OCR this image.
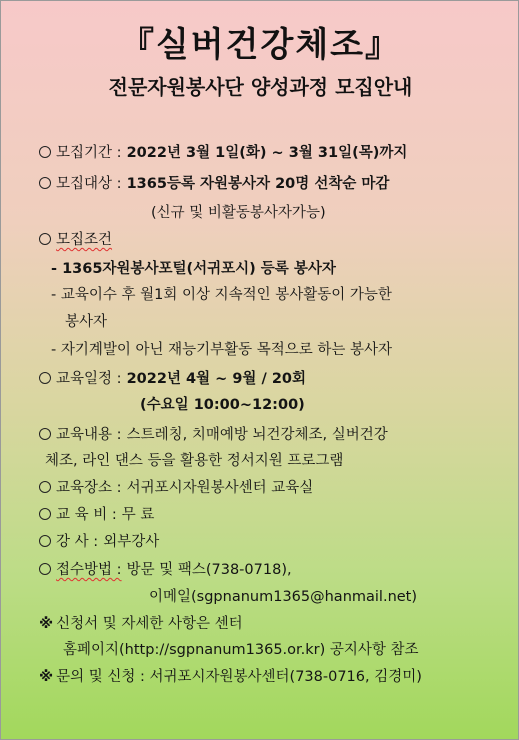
『실버건강체조』
전문자원봉사단 양성과정 모집안내
모집기간 : 2022년 3월 1일(화) ~ 3월 31일(목)까지
모집대상 : 1365등록 자원봉사자 20명 선착순 마감
(신규 및 비활동봉사자가능)
모집조건
- 1365자원봉사포털(서귀포시) 등록 봉사자
- 교육이수 후 월1회 이상 지속적인 봉사활동이 가능한
봉사자
- 자기계발이 아닌 재능기부활동 목적으로 하는 봉사자
교육일정 : 2022년 4월 ~ 9월 / 20회
(수요일 10:00~12:00)
교육내용 : 스트레칭, 치매예방 뇌건강체조, 실버건강
체조, 라인 댄스 등을 활용한 정서지원 프로그램
교육장소 : 서귀포시자원봉사센터 교육실
교 육 비 : 무 료
강 사 : 외부강사
접수방법 : 방문 및 팩스(738-0718),
이메일(sgpnanum1365@hanmail.net)
※ 신청서 및 자세한 사항은 센터
홈페이지(http://sgpnanum1365.or.kr) 공지사항 참조
※ 문의 및 신청 : 서귀포시자원봉사센터(738-0716, 김경미)
